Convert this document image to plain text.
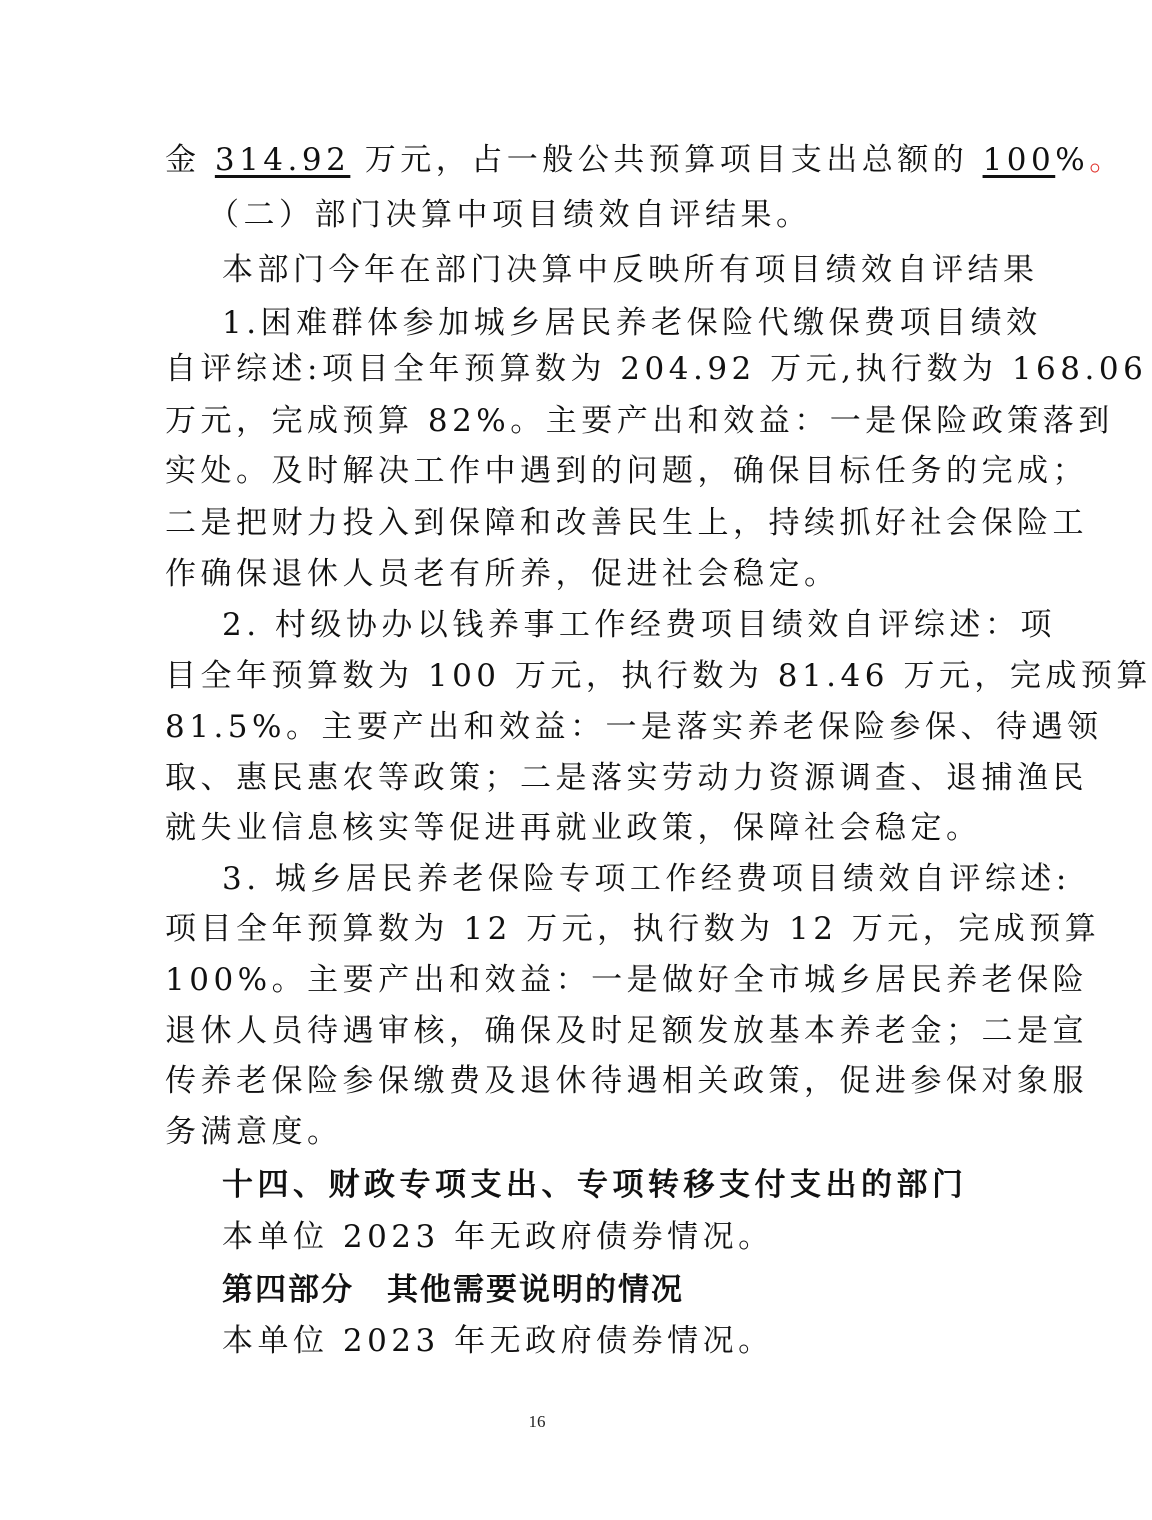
金 314.92 万元，占一般公共预算项目支出总额的 100%。
（二）部门决算中项目绩效自评结果。
本部门今年在部门决算中反映所有项目绩效自评结果
1.困难群体参加城乡居民养老保险代缴保费项目绩效
自评综述:项目全年预算数为 204.92 万元,执行数为 168.06
万元，完成预算 82%。主要产出和效益：一是保险政策落到
实处。及时解决工作中遇到的问题，确保目标任务的完成；
二是把财力投入到保障和改善民生上，持续抓好社会保险工
作确保退休人员老有所养，促进社会稳定。
2. 村级协办以钱养事工作经费项目绩效自评综述：项
目全年预算数为 100 万元，执行数为 81.46 万元，完成预算
81.5%。主要产出和效益：一是落实养老保险参保、待遇领
取、惠民惠农等政策；二是落实劳动力资源调查、退捕渔民
就失业信息核实等促进再就业政策，保障社会稳定。
3. 城乡居民养老保险专项工作经费项目绩效自评综述:
项目全年预算数为 12 万元，执行数为 12 万元，完成预算
100%。主要产出和效益：一是做好全市城乡居民养老保险
退休人员待遇审核，确保及时足额发放基本养老金；二是宣
传养老保险参保缴费及退休待遇相关政策，促进参保对象服
务满意度。
十四、财政专项支出、专项转移支付支出的部门
本单位 2023 年无政府债券情况。
第四部分　其他需要说明的情况
本单位 2023 年无政府债券情况。
16
